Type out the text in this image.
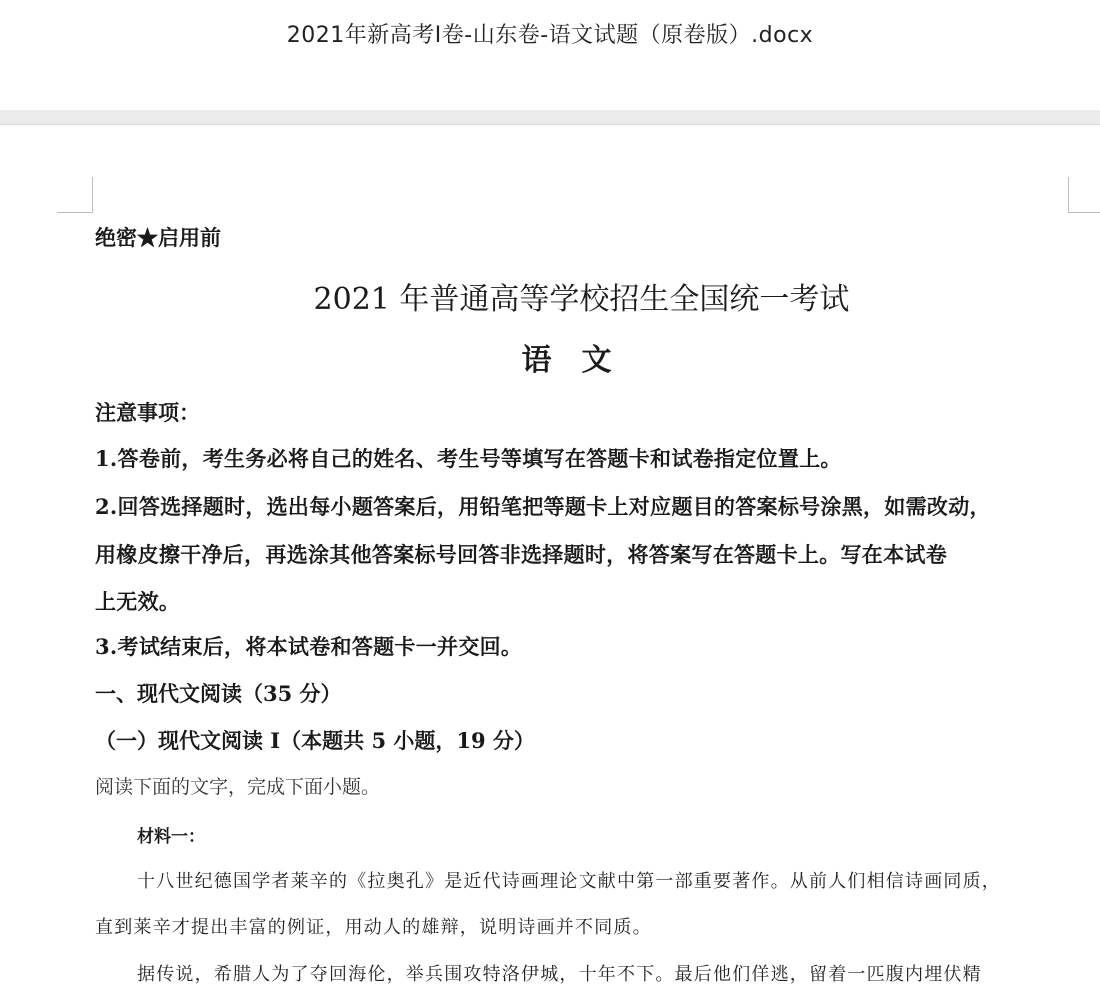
2021年新高考I卷-山东卷-语文试题（原卷版）.docx
绝密★启用前
2021 年普通高等学校招生全国统一考试
语文
注意事项：
1.答卷前，考生务必将自己的姓名、考生号等填写在答题卡和试卷指定位置上。
2.回答选择题时，选出每小题答案后，用铅笔把等题卡上对应题目的答案标号涂黑，如需改动，
用橡皮擦干净后，再选涂其他答案标号回答非选择题时，将答案写在答题卡上。写在本试卷
上无效。
3.考试结束后，将本试卷和答题卡一并交回。
一、现代文阅读（35 分）
（一）现代文阅读 I（本题共 5 小题，19 分）
阅读下面的文字，完成下面小题。
材料一：
十八世纪德国学者莱辛的《拉奥孔》是近代诗画理论文献中第一部重要著作。从前人们相信诗画同质，
直到莱辛才提出丰富的例证，用动人的雄辩，说明诗画并不同质。
据传说，希腊人为了夺回海伦，举兵围攻特洛伊城，十年不下。最后他们佯逃，留着一匹腹内埋伏精
